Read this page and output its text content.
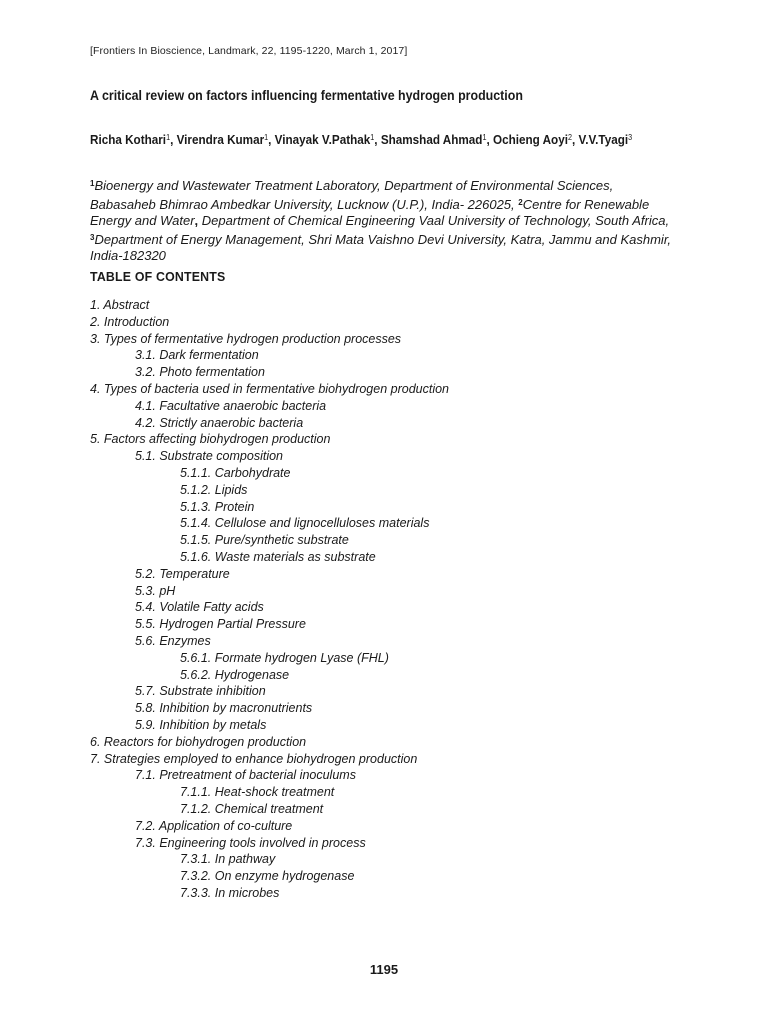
[Frontiers In Bioscience, Landmark, 22, 1195-1220, March 1, 2017]
A critical review on factors influencing fermentative hydrogen production
Richa Kothari$^1$, Virendra Kumar$^1$, Vinayak V.Pathak$^1$, Shamshad Ahmad$^1$, Ochieng Aoyi$^2$, V.V.Tyagi$^3$
$^1$Bioenergy and Wastewater Treatment Laboratory, Department of Environmental Sciences,
Babasaheb Bhimrao Ambedkar University, Lucknow (U.P.), India- 226025, $^2$Centre for Renewable
Energy and Water, Department of Chemical Engineering Vaal University of Technology, South Africa,
$^3$Department of Energy Management, Shri Mata Vaishno Devi University, Katra, Jammu and Kashmir,
India-182320
TABLE OF CONTENTS
1. Abstract
2. Introduction
3. Types of fermentative hydrogen production processes
3.1. Dark fermentation
3.2. Photo fermentation
4. Types of bacteria used in fermentative biohydrogen production
4.1. Facultative anaerobic bacteria
4.2. Strictly anaerobic bacteria
5. Factors affecting biohydrogen production
5.1. Substrate composition
5.1.1. Carbohydrate
5.1.2. Lipids
5.1.3. Protein
5.1.4. Cellulose and lignocelluloses materials
5.1.5. Pure/synthetic substrate
5.1.6. Waste materials as substrate
5.2. Temperature
5.3. pH
5.4. Volatile Fatty acids
5.5. Hydrogen Partial Pressure
5.6. Enzymes
5.6.1. Formate hydrogen Lyase (FHL)
5.6.2. Hydrogenase
5.7. Substrate inhibition
5.8. Inhibition by macronutrients
5.9. Inhibition by metals
6. Reactors for biohydrogen production
7. Strategies employed to enhance biohydrogen production
7.1. Pretreatment of bacterial inoculums
7.1.1. Heat-shock treatment
7.1.2. Chemical treatment
7.2. Application of co-culture
7.3. Engineering tools involved in process
7.3.1. In pathway
7.3.2. On enzyme hydrogenase
7.3.3. In microbes
1195
